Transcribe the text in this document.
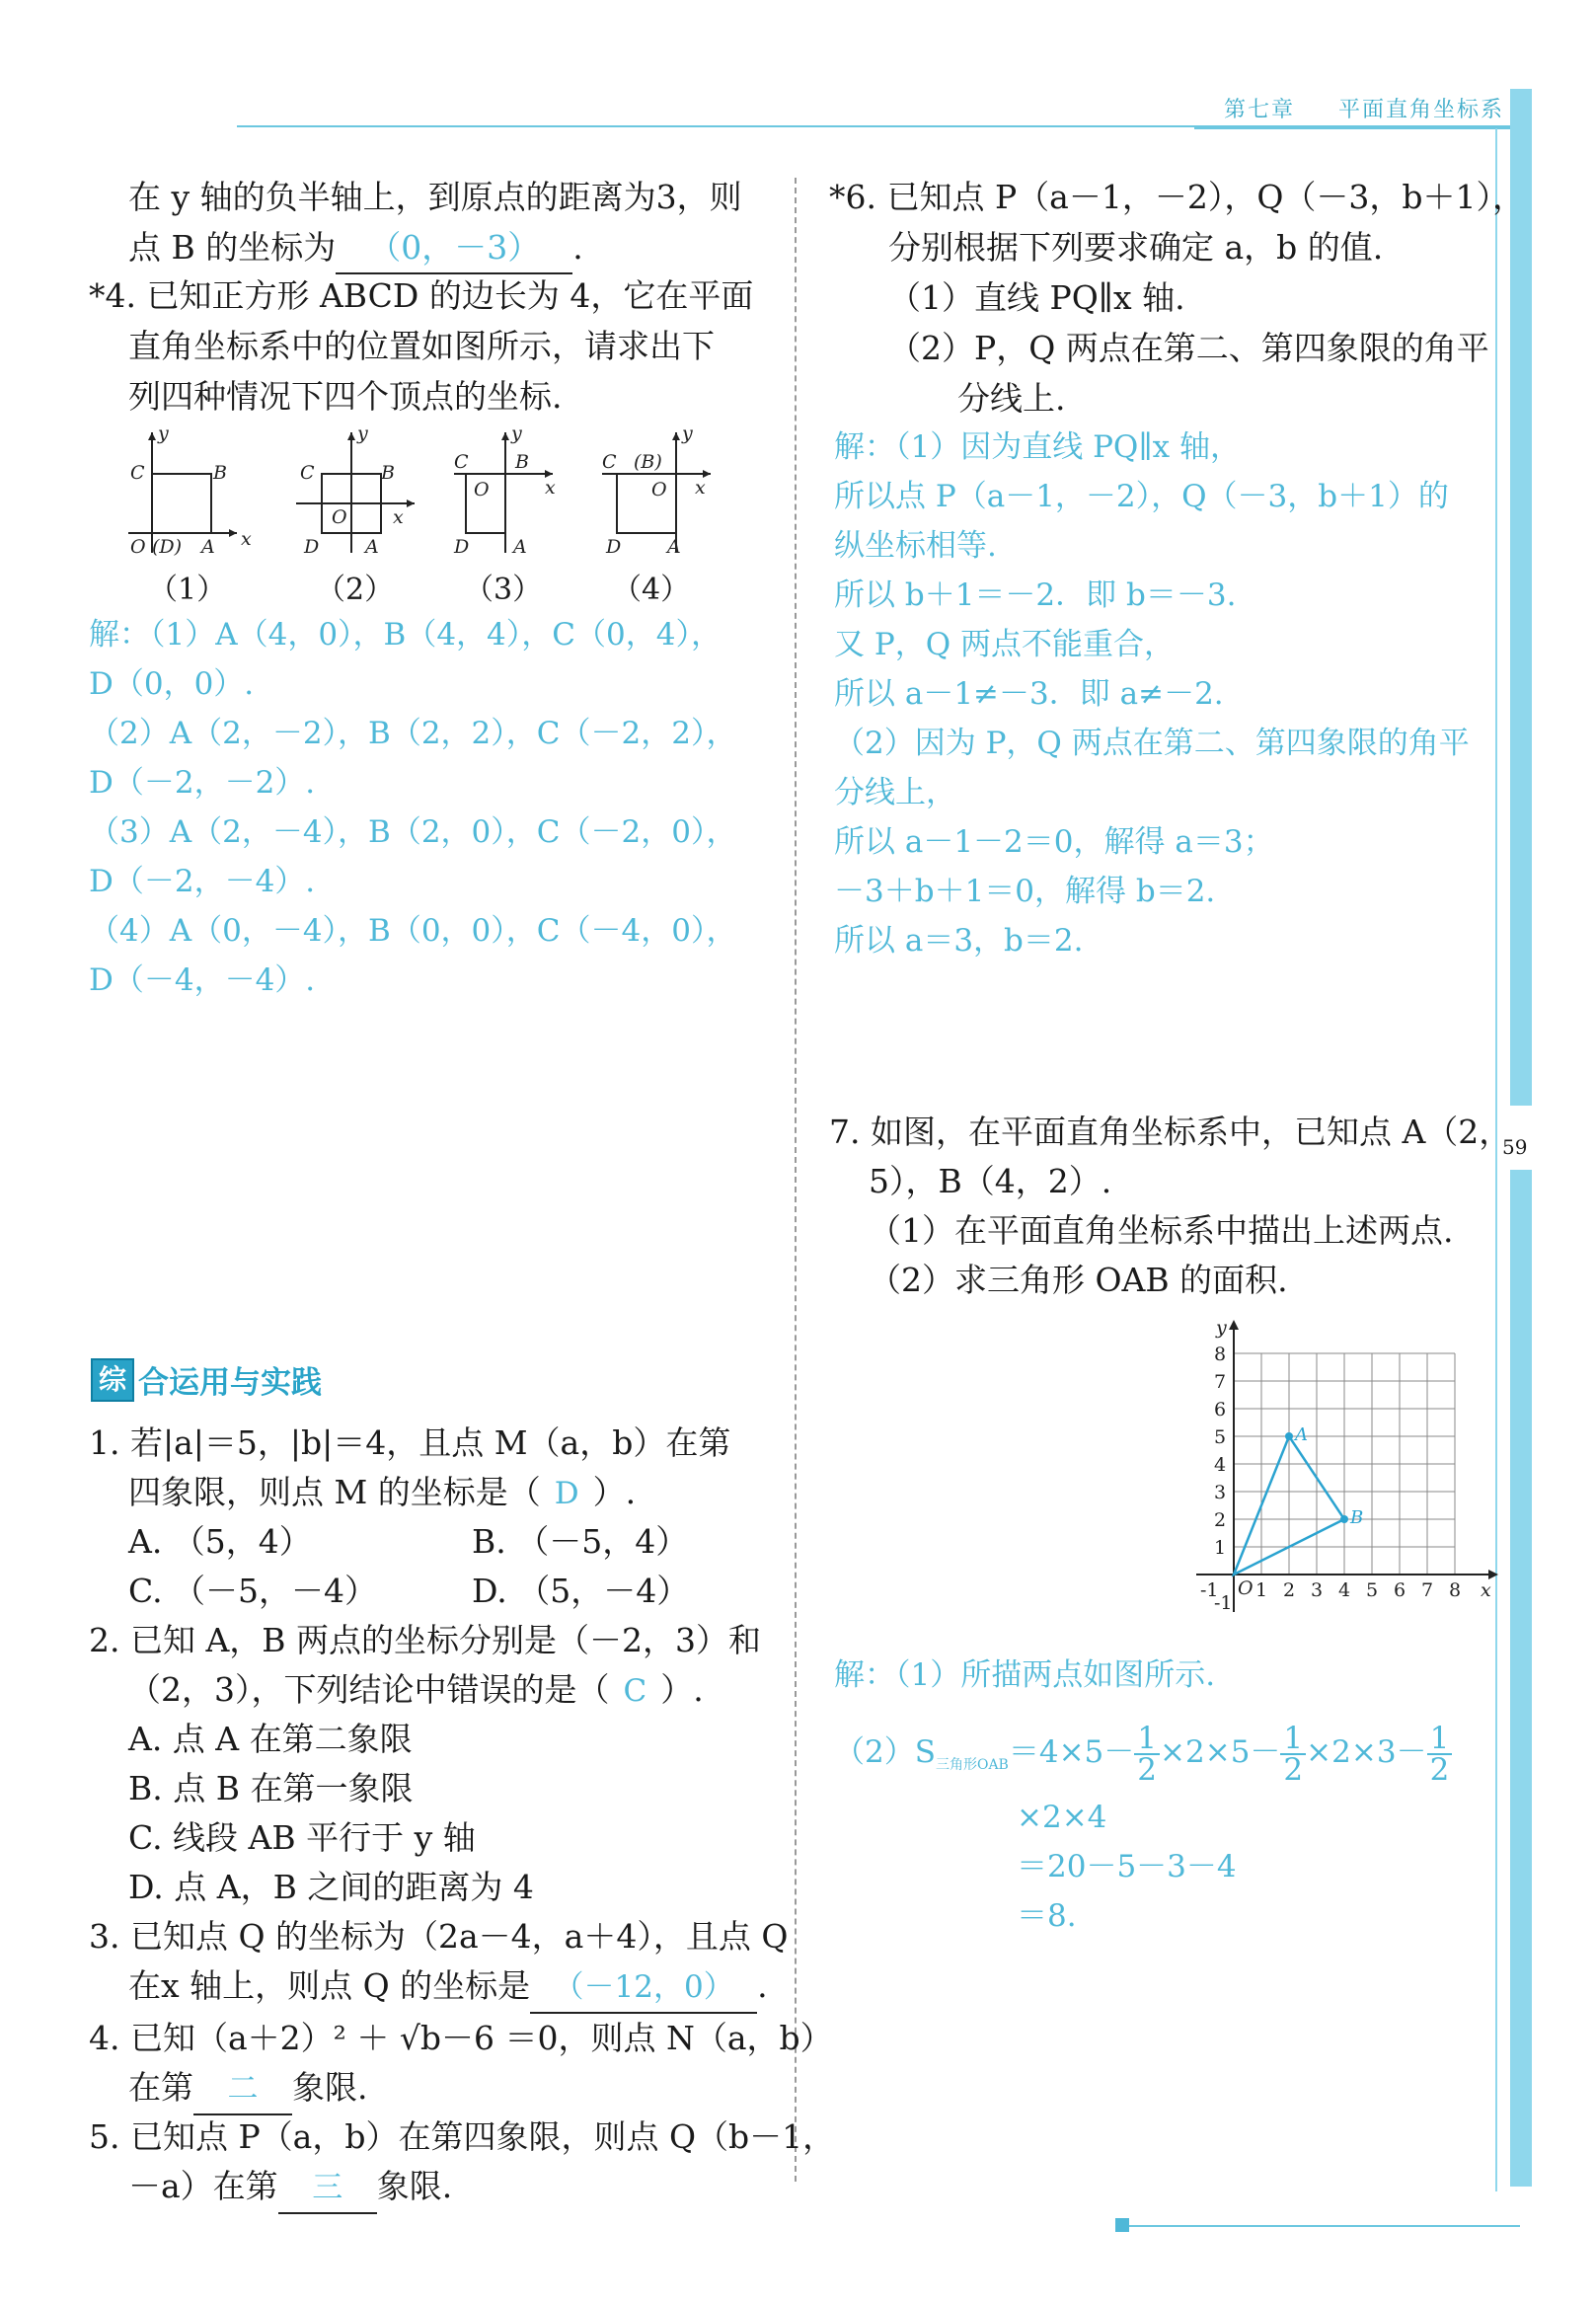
第七章 平面直角坐标系
59
在 y 轴的负半轴上，到原点的距离为3，则
点 B 的坐标为 （0，－3） .
*4. 已知正方形 ABCD 的边长为 4，它在平面
直角坐标系中的位置如图所示，请求出下
列四种情况下四个顶点的坐标.
C	B
O (D) A x
y
C	B
O
D A
x
y
C B
O
D A
x
y
C (B)
O
D A
x
y
（1）	（2） （3） （4）
解：（1）A（4，0），B（4，4），C（0，4），
D（0，0）.
（2）A（2，－2），B（2，2），C（－2，2），
D（－2，－2）.
（3）A（2，－4），B（2，0），C（－2，0），
D（－2，－4）.
（4）A（0，－4），B（0，0），C（－4，0），
D（－4，－4）.
综 合运用与实践
1. 若|a|＝5，|b|＝4，且点 M（a，b）在第
四象限，则点 M 的坐标是（ D ）.
A. （5，4）	B. （－5，4）
C. （－5，－4）	D. （5，－4）
2. 已知 A，B 两点的坐标分别是（－2，3）和
（2，3），下列结论中错误的是（ C ）.
A. 点 A 在第二象限
B. 点 B 在第一象限
C. 线段 AB 平行于 y 轴
D. 点 A，B 之间的距离为 4
3. 已知点 Q 的坐标为（2a－4，a＋4），且点 Q
在x 轴上，则点 Q 的坐标是 （－12，0） .
4. 已知（a＋2）² ＋ √b－6 ＝0，则点 N（a，b）
在第 二 象限.
5. 已知点 P（a，b）在第四象限，则点 Q（b－1，
－a）在第 三 象限.
*6. 已知点 P（a－1，－2），Q（－3，b＋1），
分别根据下列要求确定 a，b 的值.
（1）直线 PQ∥x 轴.
（2）P，Q 两点在第二、第四象限的角平
分线上.
解：（1）因为直线 PQ∥x 轴，
所以点 P（a－1，－2），Q（－3，b＋1）的
纵坐标相等.
所以 b＋1＝－2．即 b＝－3.
又 P，Q 两点不能重合，
所以 a－1≠－3．即 a≠－2.
（2）因为 P，Q 两点在第二、第四象限的角平
分线上，
所以 a－1－2＝0，解得 a＝3；
－3＋b＋1＝0，解得 b＝2.
所以 a＝3，b＝2.
7. 如图，在平面直角坐标系中，已知点 A（2，
5），B（4，2）.
（1）在平面直角坐标系中描出上述两点.
（2）求三角形 OAB 的面积.
-1 1 2 3 4 5 6 7 8
-1
1
2
3
4
5
6
7
8
O	x
y
A
B
解：（1）所描两点如图所示.
$(2)S_{三角形OAB}=4\times 5- \frac{1}{2} \times 2\times 5- \frac{1}{2} \times 2\times 3- \frac{1}{2}$
×2×4
＝20－5－3－4
＝8.
